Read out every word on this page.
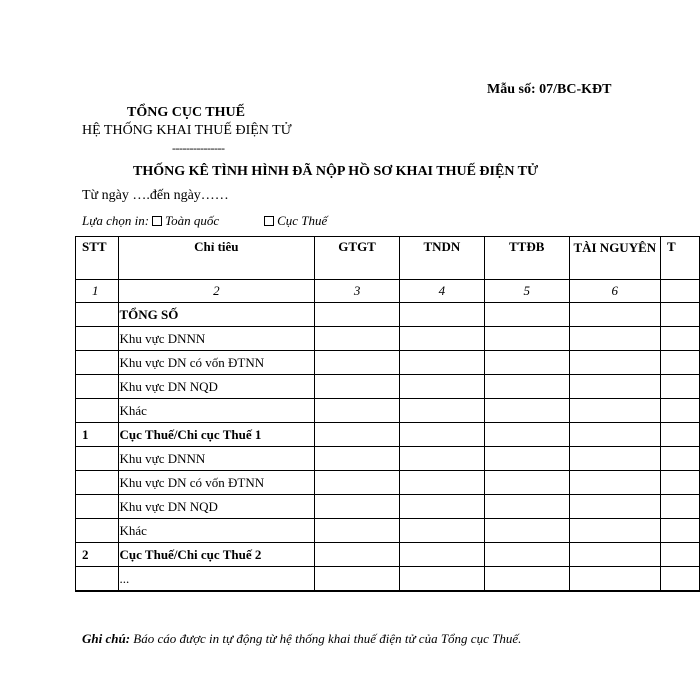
Mẫu số: 07/BC-KĐT
TỔNG CỤC THUẾ
HỆ THỐNG KHAI THUẾ ĐIỆN TỬ
---------------
THỐNG KÊ TÌNH HÌNH ĐÃ NỘP HỒ SƠ KHAI THUẾ ĐIỆN TỬ
Từ ngày ….đến ngày……
Lựa chọn in: Toàn quốc	Cục Thuế
STT	Chỉ tiêu	GTGT	TNDN	TTĐB	TÀI NGUYÊN	T
1	2	3	4	5	6	
	TỔNG SỐ					
	Khu vực DNNN					
	Khu vực DN có vốn ĐTNN					
	Khu vực DN NQD					
	Khác					
1	Cục Thuế/Chi cục Thuế 1					
	Khu vực DNNN					
	Khu vực DN có vốn ĐTNN					
	Khu vực DN NQD					
	Khác					
2	Cục Thuế/Chi cục Thuế 2					
	...					
Ghi chú: Báo cáo được in tự động từ hệ thống khai thuế điện tử của Tổng cục Thuế.
